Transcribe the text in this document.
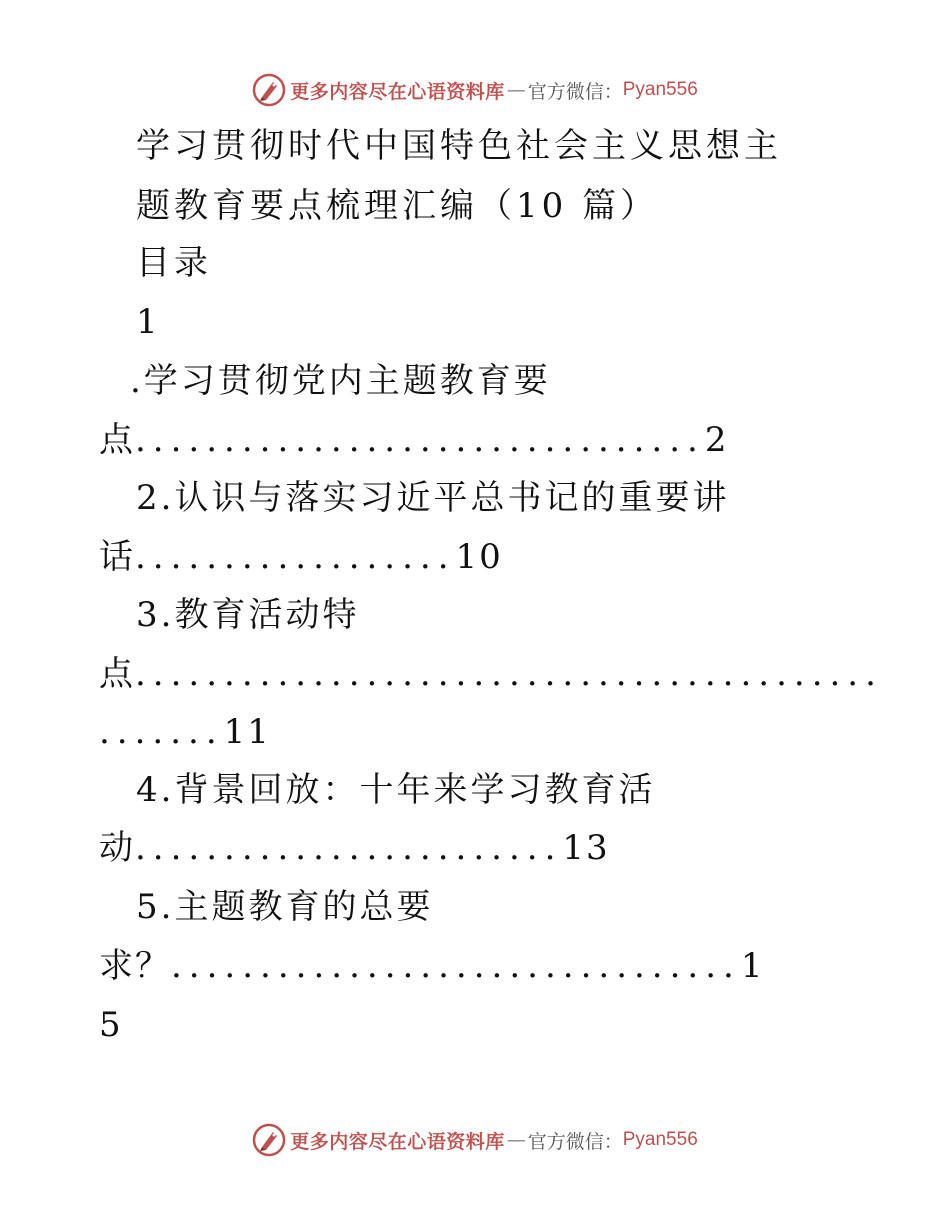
更多内容尽在心语资料库 — 官方微信： Pyan556
学习贯彻时代中国特色社会主义思想主
题教育要点梳理汇编（10 篇）
目录
1
.学习贯彻党内主题教育要
点................................2
2.认识与落实习近平总书记的重要讲
话..................10
3.教育活动特
点..........................................
.......11
4.背景回放：十年来学习教育活
动........................13
5.主题教育的总要
求？................................1
5
更多内容尽在心语资料库 — 官方微信： Pyan556
